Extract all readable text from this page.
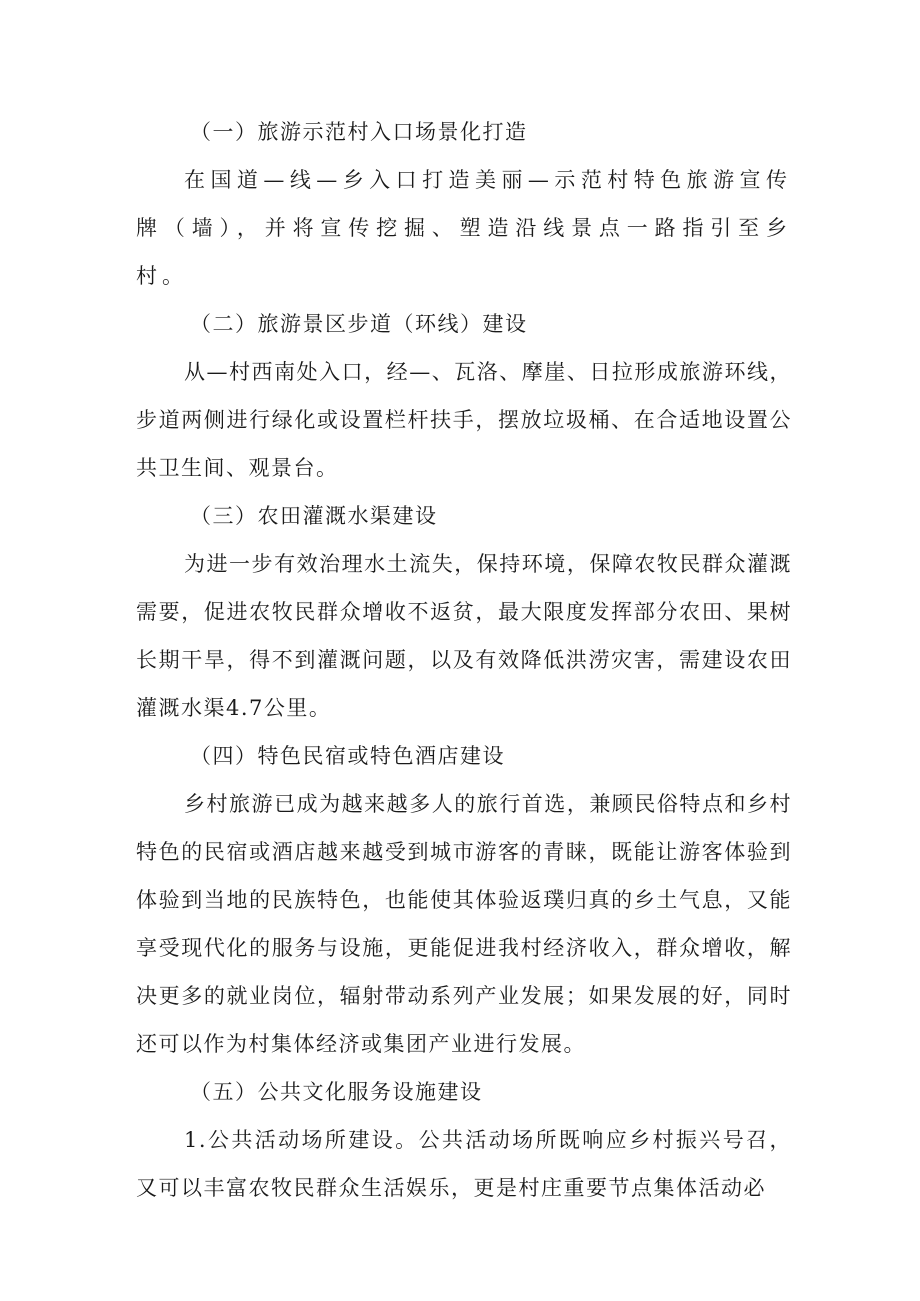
（一）旅游示范村入口场景化打造
在国道—线—乡入口打造美丽—示范村特色旅游宣传牌（墙），并将宣传挖掘、塑造沿线景点一路指引至乡村。
（二）旅游景区步道（环线）建设
从—村西南处入口，经—、瓦洛、摩崖、日拉形成旅游环线，步道两侧进行绿化或设置栏杆扶手，摆放垃圾桶、在合适地设置公共卫生间、观景台。
（三）农田灌溉水渠建设
为进一步有效治理水土流失，保持环境，保障农牧民群众灌溉需要，促进农牧民群众增收不返贫，最大限度发挥部分农田、果树长期干旱，得不到灌溉问题，以及有效降低洪涝灾害，需建设农田灌溉水渠4.7公里。
（四）特色民宿或特色酒店建设
乡村旅游已成为越来越多人的旅行首选，兼顾民俗特点和乡村特色的民宿或酒店越来越受到城市游客的青睐，既能让游客体验到体验到当地的民族特色，也能使其体验返璞归真的乡土气息，又能享受现代化的服务与设施，更能促进我村经济收入，群众增收，解决更多的就业岗位，辐射带动系列产业发展；如果发展的好，同时还可以作为村集体经济或集团产业进行发展。
（五）公共文化服务设施建设
1.公共活动场所建设。公共活动场所既响应乡村振兴号召，又可以丰富农牧民群众生活娱乐，更是村庄重要节点集体活动必
